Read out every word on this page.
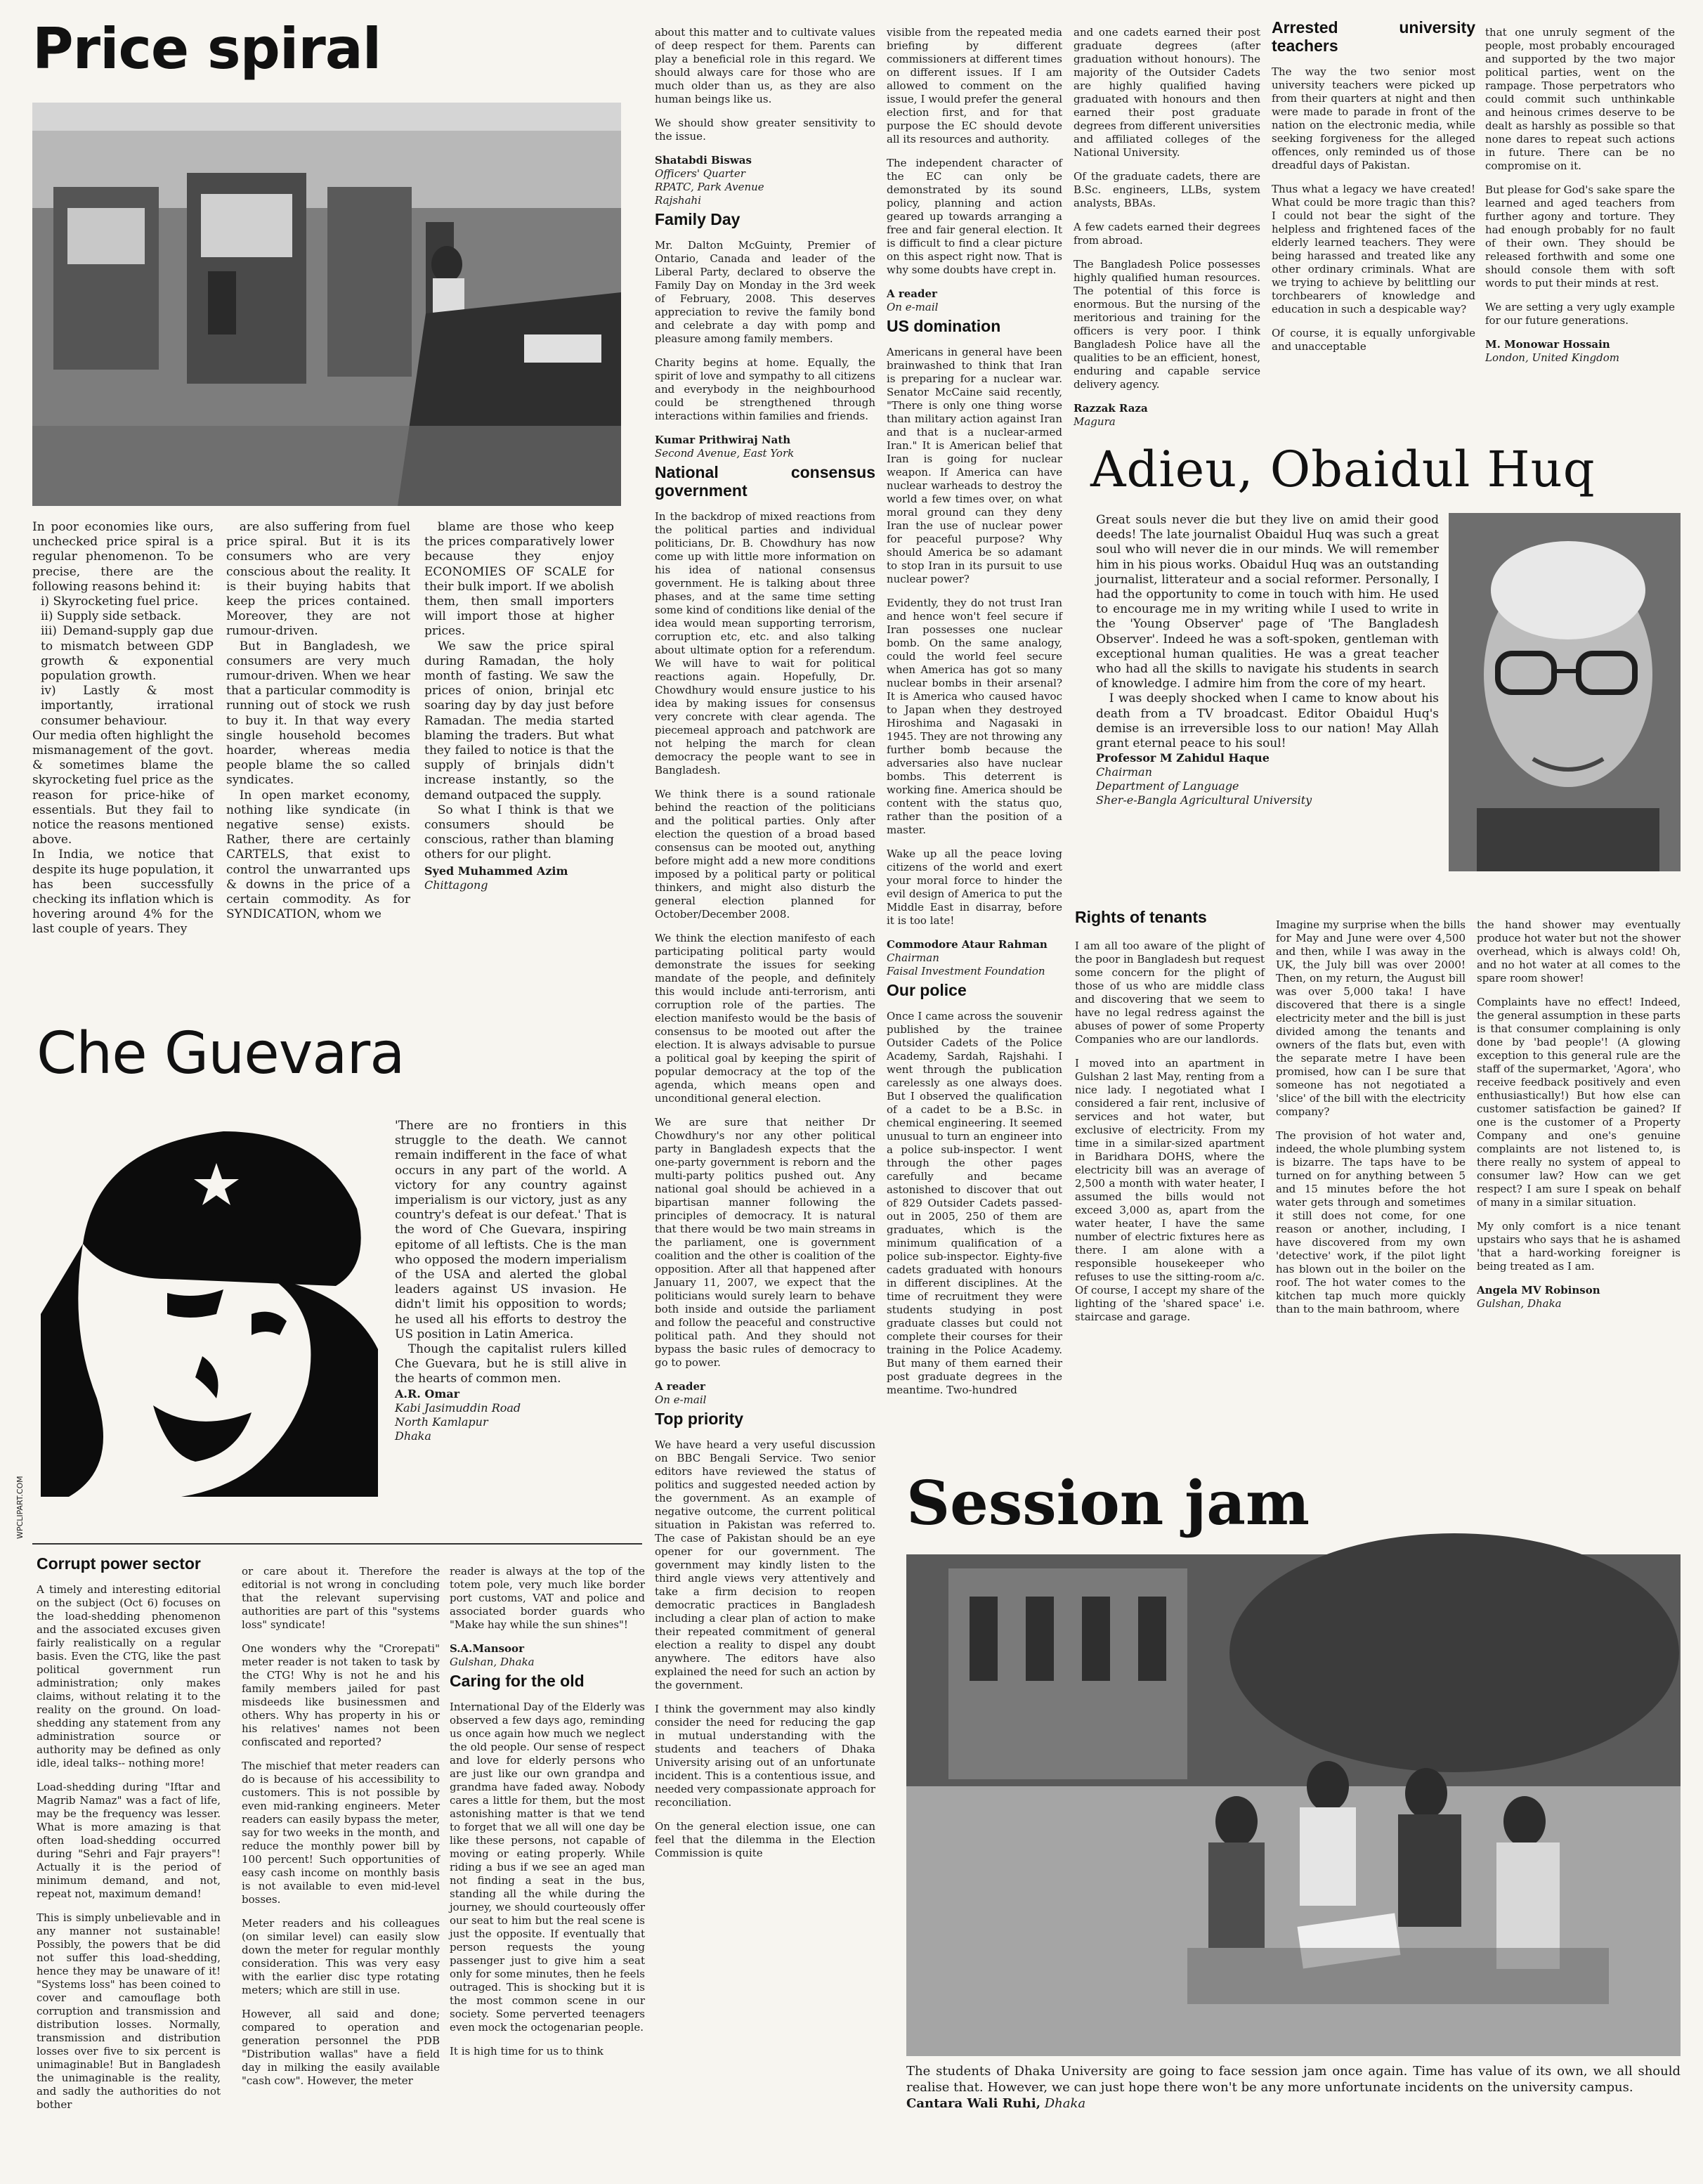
Price spiral

In poor economies like ours, unchecked price spiral is a regular phenomenon. To be precise, there are the following reasons behind it:

i) Skyrocketing fuel price.

ii) Supply side setback.

iii) Demand-supply gap due to mismatch between GDP growth & exponential population growth.

iv) Lastly & most importantly, irrational consumer behaviour.

Our media often highlight the mismanagement of the govt. & sometimes blame the skyrocketing fuel price as the reason for price-hike of essentials. But they fail to notice the reasons mentioned above.

In India, we notice that despite its huge population, it has been successfully checking its inflation which is hovering around 4% for the last couple of years. They

are also suffering from fuel price spiral. But it is its consumers who are very conscious about the reality. It is their buying habits that keep the prices contained. Moreover, they are not rumour-driven.

But in Bangladesh, we consumers are very much rumour-driven. When we hear that a particular commodity is running out of stock we rush to buy it. In that way every single household becomes hoarder, whereas media people blame the so called syndicates.

In open market economy, nothing like syndicate (in negative sense) exists. Rather, there are certainly CARTELS, that exist to control the unwarranted ups & downs in the price of a certain commodity. As for SYNDICATION, whom we

blame are those who keep the prices comparatively lower because they enjoy ECONOMIES OF SCALE for their bulk import. If we abolish them, then small importers will import those at higher prices.

We saw the price spiral during Ramadan, the holy month of fasting. We saw the prices of onion, brinjal etc soaring day by day just before Ramadan. The media started blaming the traders. But what they failed to notice is that the supply of brinjals didn't increase instantly, so the demand outpaced the supply.

So what I think is that we consumers should be conscious, rather than blaming others for our plight.

Syed Muhammed Azim
Chittagong

about this matter and to cultivate values of deep respect for them. Parents can play a beneficial role in this regard. We should always care for those who are much older than us, as they are also human beings like us.

We should show greater sensitivity to the issue.

Shatabdi Biswas
Officers' Quarter
RPATC, Park Avenue
Rajshahi
Family Day

Mr. Dalton McGuinty, Premier of Ontario, Canada and leader of the Liberal Party, declared to observe the Family Day on Monday in the 3rd week of February, 2008. This deserves appreciation to revive the family bond and celebrate a day with pomp and pleasure among family members.

Charity begins at home. Equally, the spirit of love and sympathy to all citizens and everybody in the neighbourhood could be strengthened through interactions within families and friends.

Kumar Prithwiraj Nath
Second Avenue, East York
National consensus government

In the backdrop of mixed reactions from the political parties and individual politicians, Dr. B. Chowdhury has now come up with little more information on his idea of national consensus government. He is talking about three phases, and at the same time setting some kind of conditions like denial of the idea would mean supporting terrorism, corruption etc, etc. and also talking about ultimate option for a referendum. We will have to wait for political reactions again. Hopefully, Dr. Chowdhury would ensure justice to his idea by making issues for consensus very concrete with clear agenda. The piecemeal approach and patchwork are not helping the march for clean democracy the people want to see in Bangladesh.

We think there is a sound rationale behind the reaction of the politicians and the political parties. Only after election the question of a broad based consensus can be mooted out, anything before might add a new more conditions imposed by a political party or political thinkers, and might also disturb the general election planned for October/December 2008.

We think the election manifesto of each participating political party would demonstrate the issues for seeking mandate of the people, and definitely this would include anti-terrorism, anti corruption role of the parties. The election manifesto would be the basis of consensus to be mooted out after the election. It is always advisable to pursue a political goal by keeping the spirit of popular democracy at the top of the agenda, which means open and unconditional general election.

We are sure that neither Dr Chowdhury's nor any other political party in Bangladesh expects that the one-party government is reborn and the multi-party politics pushed out. Any national goal should be achieved in a bipartisan manner following the principles of democracy. It is natural that there would be two main streams in the parliament, one is government coalition and the other is coalition of the opposition. After all that happened after January 11, 2007, we expect that the politicians would surely learn to behave both inside and outside the parliament and follow the peaceful and constructive political path. And they should not bypass the basic rules of democracy to go to power.

A reader
On e-mail
Top priority

We have heard a very useful discussion on BBC Bengali Service. Two senior editors have reviewed the status of politics and suggested needed action by the government. As an example of negative outcome, the current political situation in Pakistan was referred to. The case of Pakistan should be an eye opener for our government. The government may kindly listen to the third angle views very attentively and take a firm decision to reopen democratic practices in Bangladesh including a clear plan of action to make their repeated commitment of general election a reality to dispel any doubt anywhere. The editors have also explained the need for such an action by the government.

I think the government may also kindly consider the need for reducing the gap in mutual understanding with the students and teachers of Dhaka University arising out of an unfortunate incident. This is a contentious issue, and needed very compassionate approach for reconciliation.

On the general election issue, one can feel that the dilemma in the Election Commission is quite

visible from the repeated media briefing by different commissioners at different times on different issues. If I am allowed to comment on the issue, I would prefer the general election first, and for that purpose the EC should devote all its resources and authority.

The independent character of the EC can only be demonstrated by its sound policy, planning and action geared up towards arranging a free and fair general election. It is difficult to find a clear picture on this aspect right now. That is why some doubts have crept in.

A reader
On e-mail
US domination

Americans in general have been brainwashed to think that Iran is preparing for a nuclear war. Senator McCaine said recently, "There is only one thing worse than military action against Iran and that is a nuclear-armed Iran." It is American belief that Iran is going for nuclear weapon. If America can have nuclear warheads to destroy the world a few times over, on what moral ground can they deny Iran the use of nuclear power for peaceful purpose? Why should America be so adamant to stop Iran in its pursuit to use nuclear power?

Evidently, they do not trust Iran and hence won't feel secure if Iran possesses one nuclear bomb. On the same analogy, could the world feel secure when America has got so many nuclear bombs in their arsenal? It is America who caused havoc to Japan when they destroyed Hiroshima and Nagasaki in 1945. They are not throwing any further bomb because the adversaries also have nuclear bombs. This deterrent is working fine. America should be content with the status quo, rather than the position of a master.

Wake up all the peace loving citizens of the world and exert your moral force to hinder the evil design of America to put the Middle East in disarray, before it is too late!

Commodore Ataur Rahman
Chairman
Faisal Investment Foundation
Our police

Once I came across the souvenir published by the trainee Outsider Cadets of the Police Academy, Sardah, Rajshahi. I went through the publication carelessly as one always does. But I observed the qualification of a cadet to be a B.Sc. in chemical engineering. It seemed unusual to turn an engineer into a police sub-inspector. I went through the other pages carefully and became astonished to discover that out of 829 Outsider Cadets passed-out in 2005, 250 of them are graduates, which is the minimum qualification of a police sub-inspector. Eighty-five cadets graduated with honours in different disciplines. At the time of recruitment they were students studying in post graduate classes but could not complete their courses for their training in the Police Academy. But many of them earned their post graduate degrees in the meantime. Two-hundred

and one cadets earned their post graduate degrees (after graduation without honours). The majority of the Outsider Cadets are highly qualified having graduated with honours and then earned their post graduate degrees from different universities and affiliated colleges of the National University.

Of the graduate cadets, there are B.Sc. engineers, LLBs, system analysts, BBAs.

A few cadets earned their degrees from abroad.

The Bangladesh Police possesses highly qualified human resources. The potential of this force is enormous. But the nursing of the meritorious and training for the officers is very poor. I think Bangladesh Police have all the qualities to be an efficient, honest, enduring and capable service delivery agency.

Razzak Raza
Magura
Arrested university teachers

The way the two senior most university teachers were picked up from their quarters at night and then were made to parade in front of the nation on the electronic media, while seeking forgiveness for the alleged offences, only reminded us of those dreadful days of Pakistan.

Thus what a legacy we have created! What could be more tragic than this? I could not bear the sight of the helpless and frightened faces of the elderly learned teachers. They were being harassed and treated like any other ordinary criminals. What are we trying to achieve by belittling our torchbearers of knowledge and education in such a despicable way?

Of course, it is equally unforgivable and unacceptable

that one unruly segment of the people, most probably encouraged and supported by the two major political parties, went on the rampage. Those perpetrators who could commit such unthinkable and heinous crimes deserve to be dealt as harshly as possible so that none dares to repeat such actions in future. There can be no compromise on it.

But please for God's sake spare the learned and aged teachers from further agony and torture. They had enough probably for no fault of their own. They should be released forthwith and some one should console them with soft words to put their minds at rest.

We are setting a very ugly example for our future generations.

M. Monowar Hossain
London, United Kingdom
Adieu, Obaidul Huq

Great souls never die but they live on amid their good deeds! The late journalist Obaidul Huq was such a great soul who will never die in our minds. We will remember him in his pious works. Obaidul Huq was an outstanding journalist, litterateur and a social reformer. Personally, I had the opportunity to come in touch with him. He used to encourage me in my writing while I used to write in the 'Young Observer' page of 'The Bangladesh Observer'. Indeed he was a soft-spoken, gentleman with exceptional human qualities. He was a great teacher who had all the skills to navigate his students in search of knowledge. I admire him from the core of my heart.

I was deeply shocked when I came to know about his death from a TV broadcast. Editor Obaidul Huq's demise is an irreversible loss to our nation! May Allah grant eternal peace to his soul!

Professor M Zahidul Haque
Chairman
Department of Language
Sher-e-Bangla Agricultural University
Rights of tenants

I am all too aware of the plight of the poor in Bangladesh but request some concern for the plight of those of us who are middle class and discovering that we seem to have no legal redress against the abuses of power of some Property Companies who are our landlords.

I moved into an apartment in Gulshan 2 last May, renting from a nice lady. I negotiated what I considered a fair rent, inclusive of services and hot water, but exclusive of electricity. From my time in a similar-sized apartment in Baridhara DOHS, where the electricity bill was an average of 2,500 a month with water heater, I assumed the bills would not exceed 3,000 as, apart from the water heater, I have the same number of electric fixtures here as there. I am alone with a responsible housekeeper who refuses to use the sitting-room a/c. Of course, I accept my share of the lighting of the 'shared space' i.e. staircase and garage.

Imagine my surprise when the bills for May and June were over 4,500 and then, while I was away in the UK, the July bill was over 2000! Then, on my return, the August bill was over 5,000 taka! I have discovered that there is a single electricity meter and the bill is just divided among the tenants and owners of the flats but, even with the separate metre I have been promised, how can I be sure that someone has not negotiated a 'slice' of the bill with the electricity company?

The provision of hot water and, indeed, the whole plumbing system is bizarre. The taps have to be turned on for anything between 5 and 15 minutes before the hot water gets through and sometimes it still does not come, for one reason or another, including, I have discovered from my own 'detective' work, if the pilot light has blown out in the boiler on the roof. The hot water comes to the kitchen tap much more quickly than to the main bathroom, where

the hand shower may eventually produce hot water but not the shower overhead, which is always cold! Oh, and no hot water at all comes to the spare room shower!

Complaints have no effect! Indeed, the general assumption in these parts is that consumer complaining is only done by 'bad people'! (A glowing exception to this general rule are the staff of the supermarket, 'Agora', who receive feedback positively and even enthusiastically!) But how else can customer satisfaction be gained? If one is the customer of a Property Company and one's genuine complaints are not listened to, is there really no system of appeal to consumer law? How can we get respect? I am sure I speak on behalf of many in a similar situation.

My only comfort is a nice tenant upstairs who says that he is ashamed 'that a hard-working foreigner is being treated as I am.

Angela MV Robinson
Gulshan, Dhaka
Che Guevara
WPCLIPART.COM

'There are no frontiers in this struggle to the death. We cannot remain indifferent in the face of what occurs in any part of the world. A victory for any country against imperialism is our victory, just as any country's defeat is our defeat.' That is the word of Che Guevara, inspiring epitome of all leftists. Che is the man who opposed the modern imperialism of the USA and alerted the global leaders against US invasion. He didn't limit his opposition to words; he used all his efforts to destroy the US position in Latin America.

Though the capitalist rulers killed Che Guevara, but he is still alive in the hearts of common men.

A.R. Omar
Kabi Jasimuddin Road
North Kamlapur
Dhaka
Corrupt power sector

A timely and interesting editorial on the subject (Oct 6) focuses on the load-shedding phenomenon and the associated excuses given fairly realistically on a regular basis. Even the CTG, like the past political government run administration; only makes claims, without relating it to the reality on the ground. On load-shedding any statement from any administration source or authority may be defined as only idle, ideal talks-- nothing more!

Load-shedding during "Iftar and Magrib Namaz" was a fact of life, may be the frequency was lesser. What is more amazing is that often load-shedding occurred during "Sehri and Fajr prayers"! Actually it is the period of minimum demand, and not, repeat not, maximum demand!

This is simply unbelievable and in any manner not sustainable! Possibly, the powers that be did not suffer this load-shedding, hence they may be unaware of it! "Systems loss" has been coined to cover and camouflage both corruption and transmission and distribution losses. Normally, transmission and distribution losses over five to six percent is unimaginable! But in Bangladesh the unimaginable is the reality, and sadly the authorities do not bother

or care about it. Therefore the editorial is not wrong in concluding that the relevant supervising authorities are part of this "systems loss" syndicate!

One wonders why the "Crorepati" meter reader is not taken to task by the CTG! Why is not he and his family members jailed for past misdeeds like businessmen and others. Why has property in his or his relatives' names not been confiscated and reported?

The mischief that meter readers can do is because of his accessibility to customers. This is not possible by even mid-ranking engineers. Meter readers can easily bypass the meter, say for two weeks in the month, and reduce the monthly power bill by 100 percent! Such opportunities of easy cash income on monthly basis is not available to even mid-level bosses.

Meter readers and his colleagues (on similar level) can easily slow down the meter for regular monthly consideration. This was very easy with the earlier disc type rotating meters; which are still in use.

However, all said and done; compared to operation and generation personnel the PDB "Distribution wallas" have a field day in milking the easily available "cash cow". However, the meter

reader is always at the top of the totem pole, very much like border port customs, VAT and police and associated border guards who "Make hay while the sun shines"!

S.A.Mansoor
Gulshan, Dhaka
Caring for the old

International Day of the Elderly was observed a few days ago, reminding us once again how much we neglect the old people. Our sense of respect and love for elderly persons who are just like our own grandpa and grandma have faded away. Nobody cares a little for them, but the most astonishing matter is that we tend to forget that we all will one day be like these persons, not capable of moving or eating properly. While riding a bus if we see an aged man not finding a seat in the bus, standing all the while during the journey, we should courteously offer our seat to him but the real scene is just the opposite. If eventually that person requests the young passenger just to give him a seat only for some minutes, then he feels outraged. This is shocking but it is the most common scene in our society. Some perverted teenagers even mock the octogenarian people.

It is high time for us to think

Session jam

The students of Dhaka University are going to face session jam once again. Time has value of its own, we all should realise that. However, we can just hope there won't be any more unfortunate incidents on the university campus.

Cantara Wali Ruhi, Dhaka
